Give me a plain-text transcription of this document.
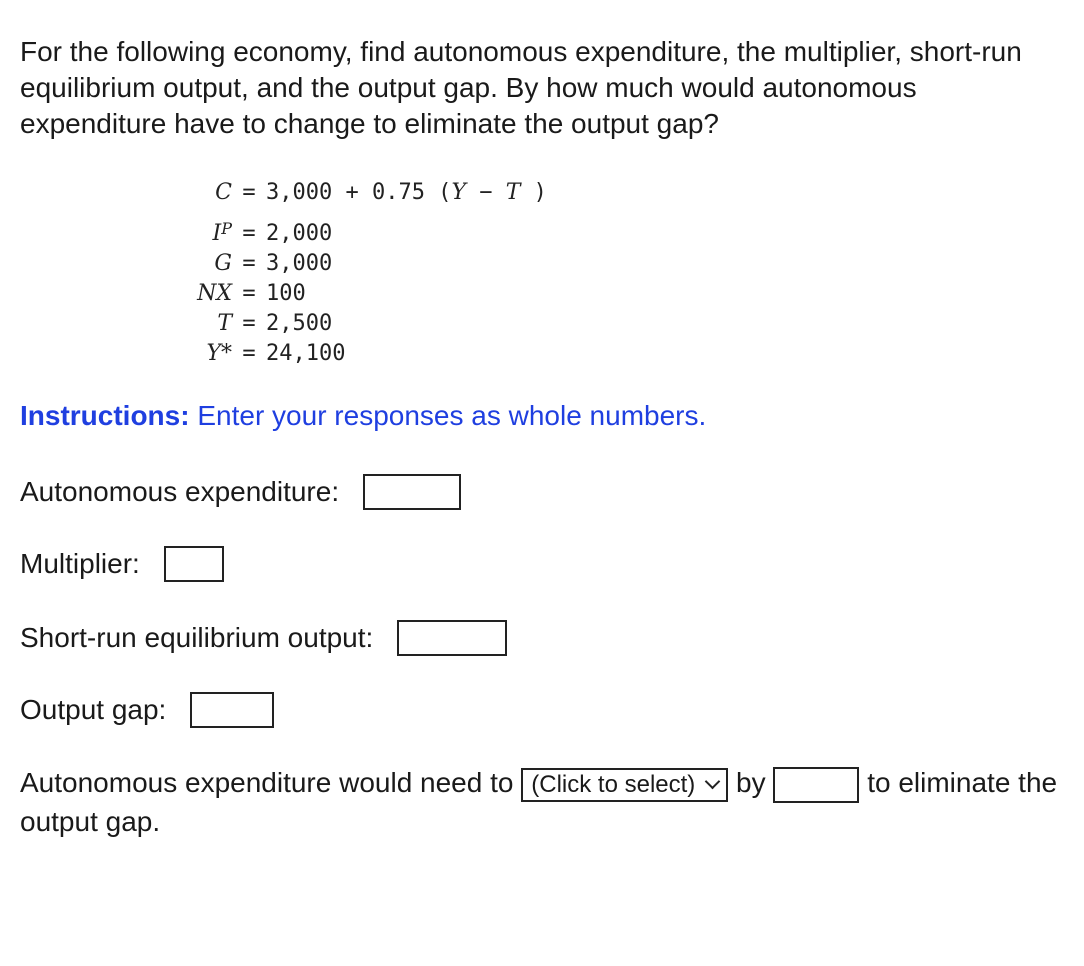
For the following economy, find autonomous expenditure, the multiplier, short-run equilibrium output, and the output gap. By how much would autonomous expenditure have to change to eliminate the output gap?

C = 3,000 + 0.75 (Y − T )
$I^P = 2,000$
G = 3,000
NX = 100
T = 2,500
Y* = 24,100
Instructions: Enter your responses as whole numbers.
Autonomous expenditure:
Multiplier:
Short-run equilibrium output:
Output gap:
Autonomous expenditure would need to (Click to select) by	to eliminate the output gap.
